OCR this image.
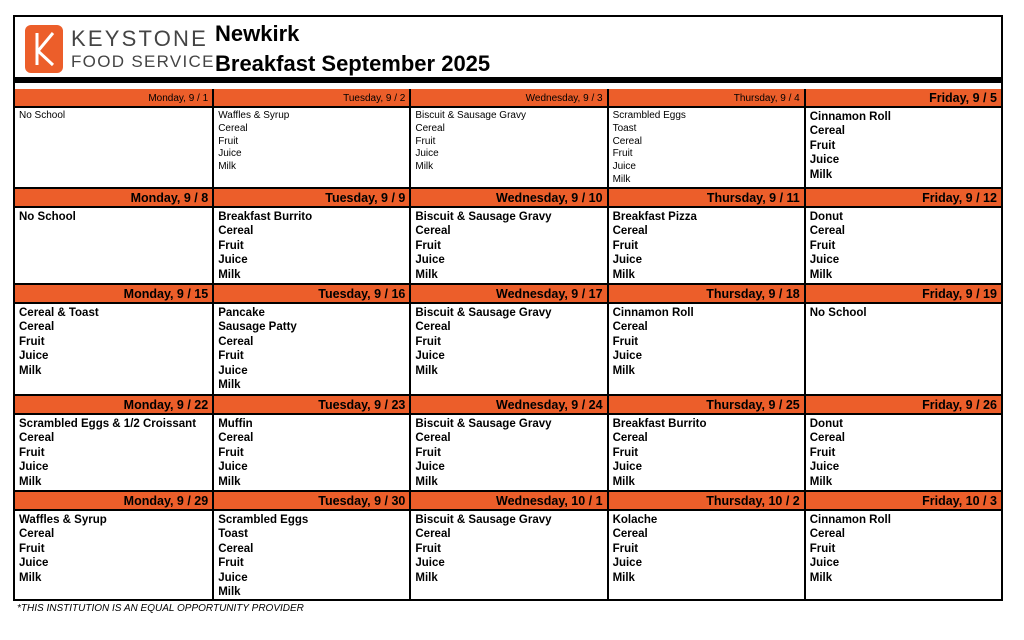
KEYSTONE
FOOD SERVICE
Newkirk
Breakfast September 2025
Monday, 9 / 1
No School
Tuesday, 9 / 2
Waffles & Syrup
Cereal
Fruit
Juice
Milk
Wednesday, 9 / 3
Biscuit & Sausage Gravy
Cereal
Fruit
Juice
Milk
Thursday, 9 / 4
Scrambled Eggs
Toast
Cereal
Fruit
Juice
Milk
Friday, 9 / 5
Cinnamon Roll
Cereal
Fruit
Juice
Milk
Monday, 9 / 8
No School
Tuesday, 9 / 9
Breakfast Burrito
Cereal
Fruit
Juice
Milk
Wednesday, 9 / 10
Biscuit & Sausage Gravy
Cereal
Fruit
Juice
Milk
Thursday, 9 / 11
Breakfast Pizza
Cereal
Fruit
Juice
Milk
Friday, 9 / 12
Donut
Cereal
Fruit
Juice
Milk
Monday, 9 / 15
Cereal & Toast
Cereal
Fruit
Juice
Milk
Tuesday, 9 / 16
Pancake
Sausage Patty
Cereal
Fruit
Juice
Milk
Wednesday, 9 / 17
Biscuit & Sausage Gravy
Cereal
Fruit
Juice
Milk
Thursday, 9 / 18
Cinnamon Roll
Cereal
Fruit
Juice
Milk
Friday, 9 / 19
No School
Monday, 9 / 22
Scrambled Eggs & 1/2 Croissant
Cereal
Fruit
Juice
Milk
Tuesday, 9 / 23
Muffin
Cereal
Fruit
Juice
Milk
Wednesday, 9 / 24
Biscuit & Sausage Gravy
Cereal
Fruit
Juice
Milk
Thursday, 9 / 25
Breakfast Burrito
Cereal
Fruit
Juice
Milk
Friday, 9 / 26
Donut
Cereal
Fruit
Juice
Milk
Monday, 9 / 29
Waffles & Syrup
Cereal
Fruit
Juice
Milk
Tuesday, 9 / 30
Scrambled Eggs
Toast
Cereal
Fruit
Juice
Milk
Wednesday, 10 / 1
Biscuit & Sausage Gravy
Cereal
Fruit
Juice
Milk
Thursday, 10 / 2
Kolache
Cereal
Fruit
Juice
Milk
Friday, 10 / 3
Cinnamon Roll
Cereal
Fruit
Juice
Milk
*THIS INSTITUTION IS AN EQUAL OPPORTUNITY PROVIDER
